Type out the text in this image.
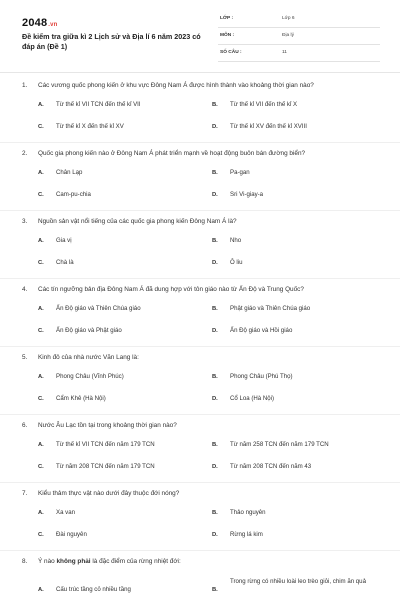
2048.vn
Đề kiểm tra giữa kì 2 Lịch sử và Địa lí 6 năm 2023 có đáp án (Đề 1)
LỚP :	Lớp 6
MÔN :	Địa lý
SỐ CÂU :	11
1. Các vương quốc phong kiến ở khu vực Đông Nam Á được hình thành vào khoảng thời gian nào?
A. Từ thế kỉ VII TCN đến thế kỉ VII	B. Từ thế kỉ VII đến thế kỉ X
C. Từ thế kỉ X đến thế kỉ XV	D. Từ thế kỉ XV đến thế kỉ XVIII
2. Quốc gia phong kiến nào ở Đông Nam Á phát triển mạnh về hoạt động buôn bán đường biển?
A. Chân Lạp	B. Pa-gan
C. Cam-pu-chia	D. Sri Vi-giay-a
3. Nguồn sản vật nổi tiếng của các quốc gia phong kiến Đông Nam Á là?
A. Gia vị	B. Nho
C. Chà là	D. Ô liu
4. Các tín ngưỡng bản địa Đông Nam Á đã dung hợp với tôn giáo nào từ Ấn Độ và Trung Quốc?
A. Ấn Độ giáo và Thiên Chúa giáo	B. Phật giáo và Thiên Chúa giáo
C. Ấn Độ giáo và Phật giáo	D. Ấn Độ giáo và Hồi giáo
5. Kinh đô của nhà nước Văn Lang là:
A. Phong Châu (Vĩnh Phúc)	B. Phong Châu (Phú Thọ)
C. Cẩm Khê (Hà Nội)	D. Cổ Loa (Hà Nội)
6. Nước Âu Lạc tồn tại trong khoảng thời gian nào?
A. Từ thế kỉ VII TCN đến năm 179 TCN	B. Từ năm 258 TCN đến năm 179 TCN
C. Từ năm 208 TCN đến năm 179 TCN	D. Từ năm 208 TCN đến năm 43
7. Kiểu thảm thực vật nào dưới đây thuộc đới nóng?
A. Xa van	B. Thảo nguyên
C. Đài nguyên	D. Rừng lá kim
8. Ý nào không phải là đặc điểm của rừng nhiệt đới:
A. Cấu trúc tầng cỏ nhiều tầng	B.
Trong rừng có nhiều loài leo trèo giỏi, chim ăn quả
